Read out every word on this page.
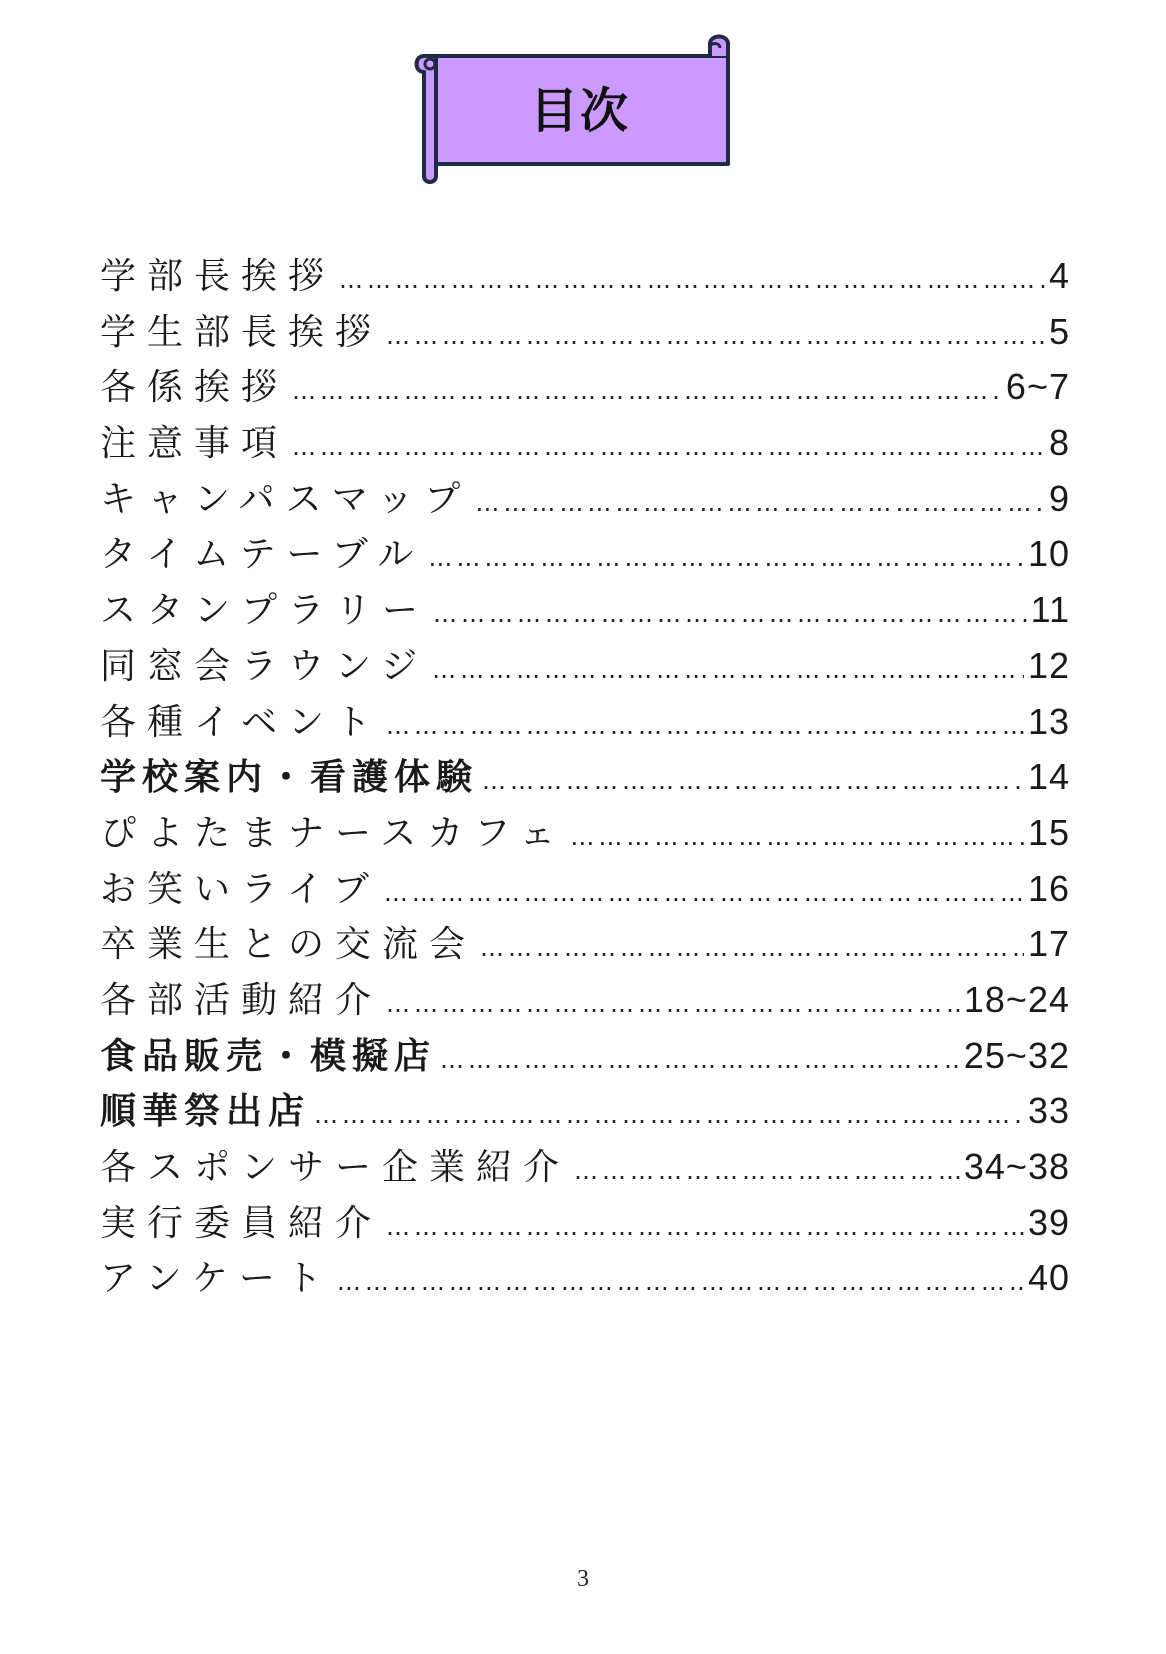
目次
学部長挨拶 ……………………………………………………………………………………………………………………………………	4
学生部長挨拶 ……………………………………………………………………………………………………………………………………	5
各係挨拶 ……………………………………………………………………………………………………………………………………	6~7
注意事項 ……………………………………………………………………………………………………………………………………	8
キャンパスマップ ……………………………………………………………………………………………………………………………………	9
タイムテーブル ……………………………………………………………………………………………………………………………………	10
スタンプラリー ……………………………………………………………………………………………………………………………………	11
同窓会ラウンジ ……………………………………………………………………………………………………………………………………	12
各種イベント ……………………………………………………………………………………………………………………………………	13
学校案内・看護体験 ……………………………………………………………………………………………………………………………………	14
ぴよたまナースカフェ ……………………………………………………………………………………………………………………………………	15
お笑いライブ ……………………………………………………………………………………………………………………………………	16
卒業生との交流会 ……………………………………………………………………………………………………………………………………	17
各部活動紹介 ……………………………………………………………………………………………………………………………………	18~24
食品販売・模擬店 ……………………………………………………………………………………………………………………………………	25~32
順華祭出店 ……………………………………………………………………………………………………………………………………	33
各スポンサー企業紹介 ……………………………………………………………………………………………………………………………………	34~38
実行委員紹介 ……………………………………………………………………………………………………………………………………	39
アンケート ……………………………………………………………………………………………………………………………………	40
3
